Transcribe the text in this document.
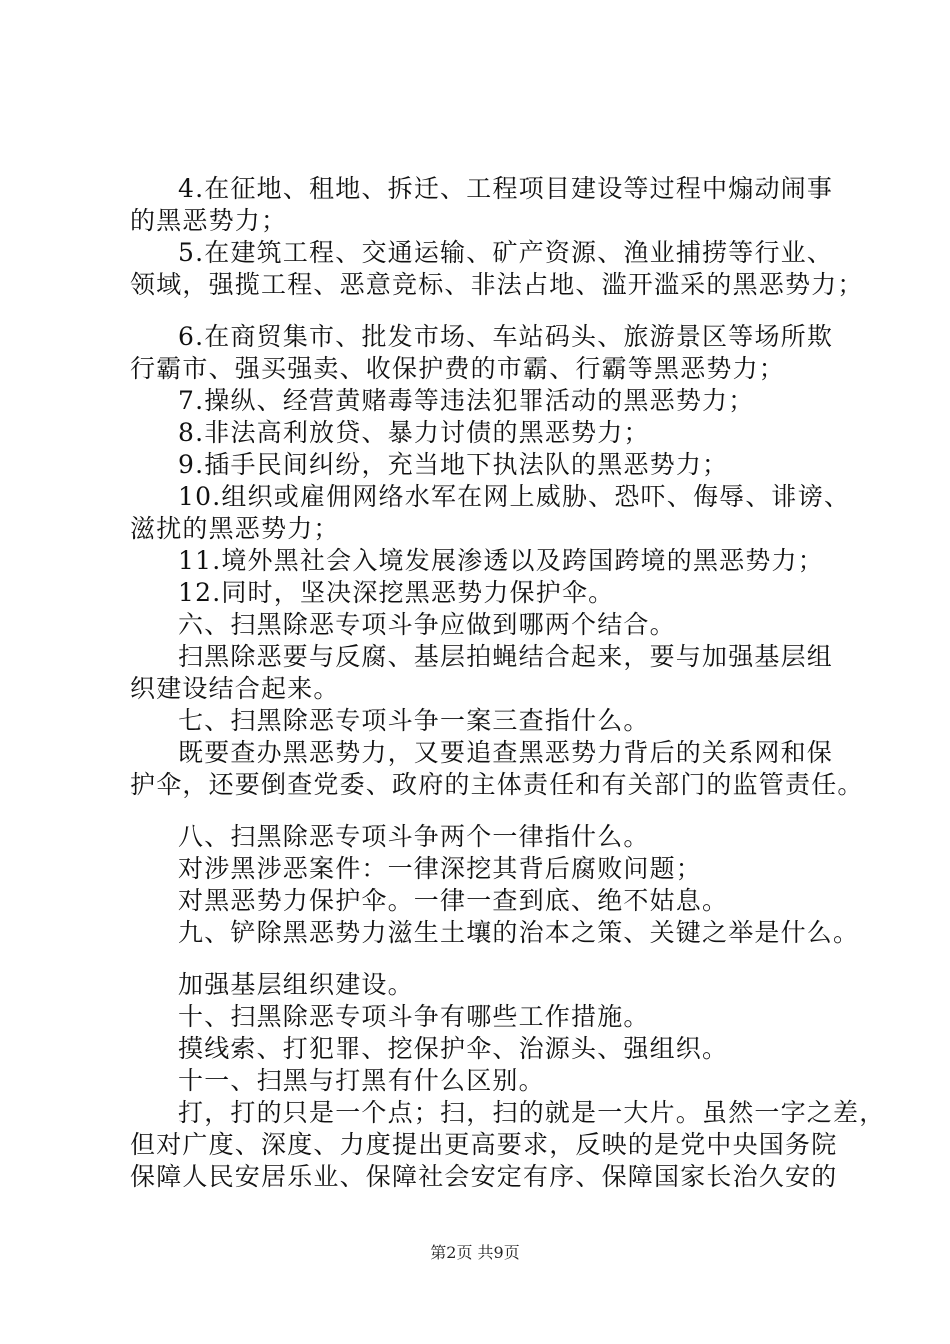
4.在征地、租地、拆迁、工程项目建设等过程中煽动闹事
的黑恶势力；
5.在建筑工程、交通运输、矿产资源、渔业捕捞等行业、
领域，强揽工程、恶意竞标、非法占地、滥开滥采的黑恶势力；
6.在商贸集市、批发市场、车站码头、旅游景区等场所欺
行霸市、强买强卖、收保护费的市霸、行霸等黑恶势力；
7.操纵、经营黄赌毒等违法犯罪活动的黑恶势力；
8.非法高利放贷、暴力讨债的黑恶势力；
9.插手民间纠纷，充当地下执法队的黑恶势力；
10.组织或雇佣网络水军在网上威胁、恐吓、侮辱、诽谤、
滋扰的黑恶势力；
11.境外黑社会入境发展渗透以及跨国跨境的黑恶势力；
12.同时，坚决深挖黑恶势力保护伞。
六、扫黑除恶专项斗争应做到哪两个结合。
扫黑除恶要与反腐、基层拍蝇结合起来，要与加强基层组
织建设结合起来。
七、扫黑除恶专项斗争一案三查指什么。
既要查办黑恶势力，又要追查黑恶势力背后的关系网和保
护伞，还要倒查党委、政府的主体责任和有关部门的监管责任。
八、扫黑除恶专项斗争两个一律指什么。
对涉黑涉恶案件：一律深挖其背后腐败问题；
对黑恶势力保护伞。一律一查到底、绝不姑息。
九、铲除黑恶势力滋生土壤的治本之策、关键之举是什么。
加强基层组织建设。
十、扫黑除恶专项斗争有哪些工作措施。
摸线索、打犯罪、挖保护伞、治源头、强组织。
十一、扫黑与打黑有什么区别。
打，打的只是一个点；扫，扫的就是一大片。虽然一字之差，
但对广度、深度、力度提出更高要求，反映的是党中央国务院
保障人民安居乐业、保障社会安定有序、保障国家长治久安的
第2页 共9页
